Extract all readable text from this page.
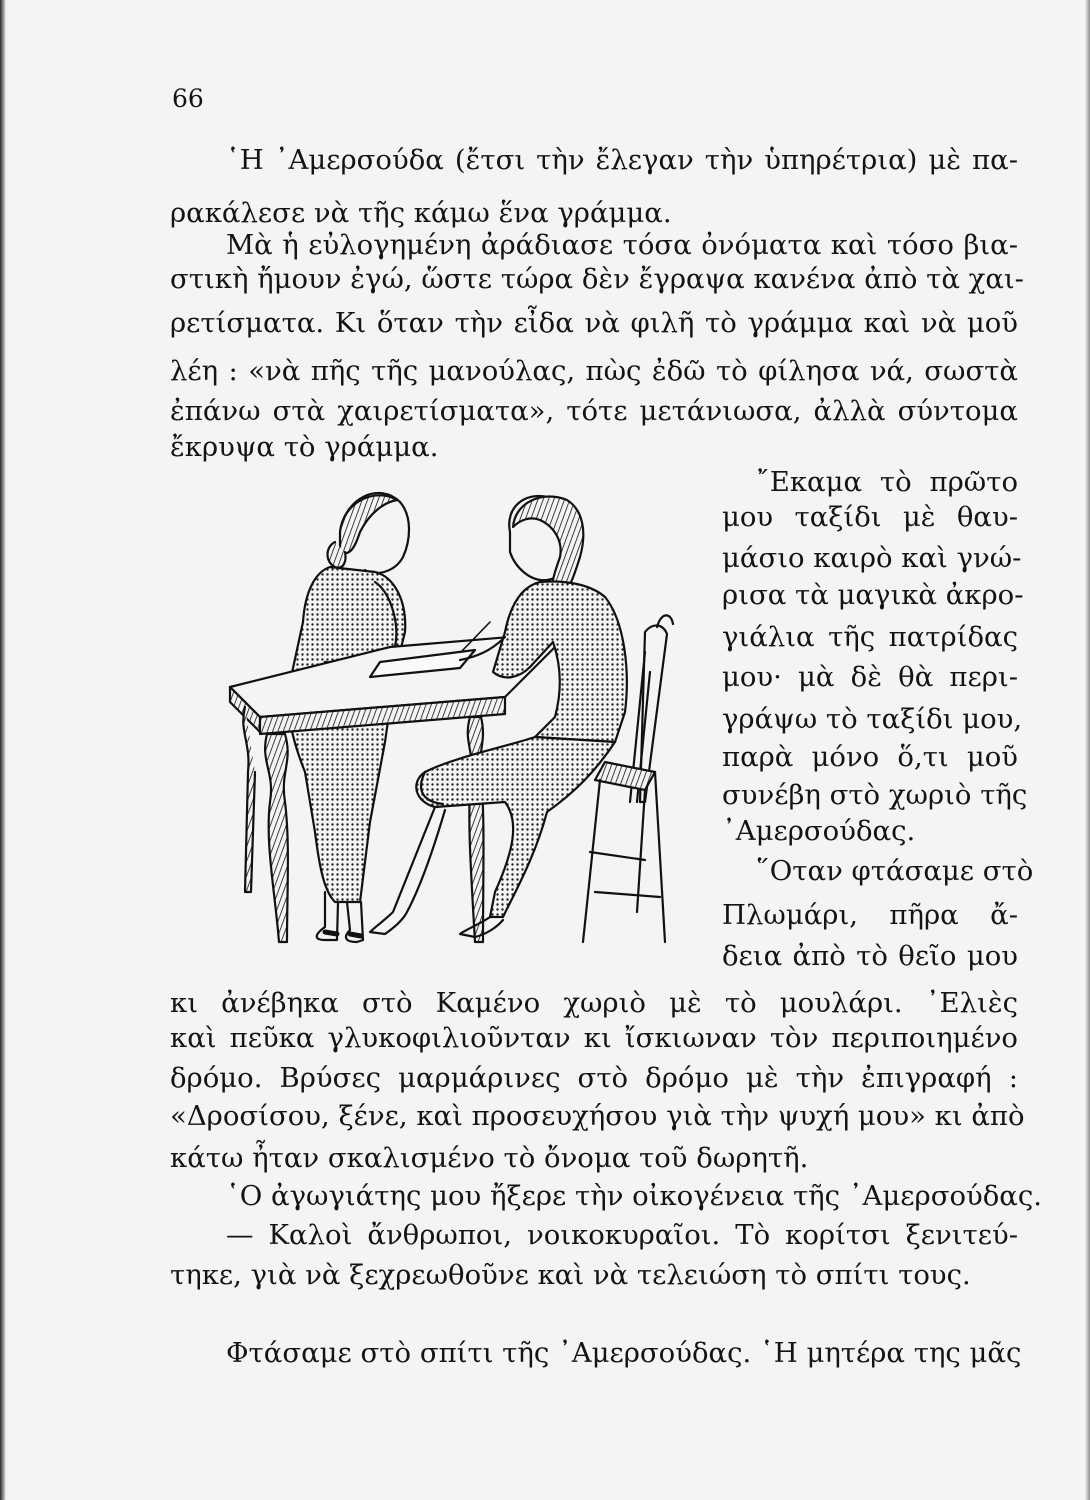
66
῾Η ᾿Αμερσούδα (ἔτσι τὴν ἔλεγαν τὴν ὑπηρέτρια) μὲ πα-
ρακάλεσε νὰ τῆς κάμω ἕνα γράμμα.
Μὰ ἡ εὐλογημένη ἀράδιασε τόσα ὀνόματα καὶ τόσο βια-
στικὴ ἤμουν ἐγώ, ὥστε τώρα δὲν ἔγραψα κανένα ἀπὸ τὰ χαι-
ρετίσματα. Κι ὅταν τὴν εἶδα νὰ φιλῆ τὸ γράμμα καὶ νὰ μοῦ
λέη : «νὰ πῆς τῆς μανούλας, πὼς ἐδῶ τὸ φίλησα νά, σωστὰ
ἐπάνω στὰ χαιρετίσματα», τότε μετάνιωσα, ἀλλὰ σύντομα
ἔκρυψα τὸ γράμμα.
῎Εκαμα τὸ πρῶτο
μου ταξίδι μὲ θαυ-
μάσιο καιρὸ καὶ γνώ-
ρισα τὰ μαγικὰ ἀκρο-
γιάλια τῆς πατρίδας
μου· μὰ δὲ θὰ περι-
γράψω τὸ ταξίδι μου,
παρὰ μόνο ὅ,τι μοῦ
συνέβη στὸ χωριὸ τῆς
᾿Αμερσούδας.
῞Οταν φτάσαμε στὸ
Πλωμάρι, πῆρα ἄ-
δεια ἀπὸ τὸ θεῖο μου
κι ἀνέβηκα στὸ Καμένο χωριὸ μὲ τὸ μουλάρι. ᾿Ελιὲς
καὶ πεῦκα γλυκοφιλιοῦνταν κι ἴσκιωναν τὸν περιποιημένο
δρόμο. Βρύσες μαρμάρινες στὸ δρόμο μὲ τὴν ἐπιγραφή :
«Δροσίσου, ξένε, καὶ προσευχήσου γιὰ τὴν ψυχή μου» κι ἀπὸ
κάτω ἦταν σκαλισμένο τὸ ὄνομα τοῦ δωρητῆ.
῾Ο ἀγωγιάτης μου ἤξερε τὴν οἰκογένεια τῆς ᾿Αμερσούδας.
— Καλοὶ ἄνθρωποι, νοικοκυραῖοι. Τὸ κορίτσι ξενιτεύ-
τηκε, γιὰ νὰ ξεχρεωθοῦνε καὶ νὰ τελειώση τὸ σπίτι τους.
Φτάσαμε στὸ σπίτι τῆς ᾿Αμερσούδας. ῾Η μητέρα της μᾶς
